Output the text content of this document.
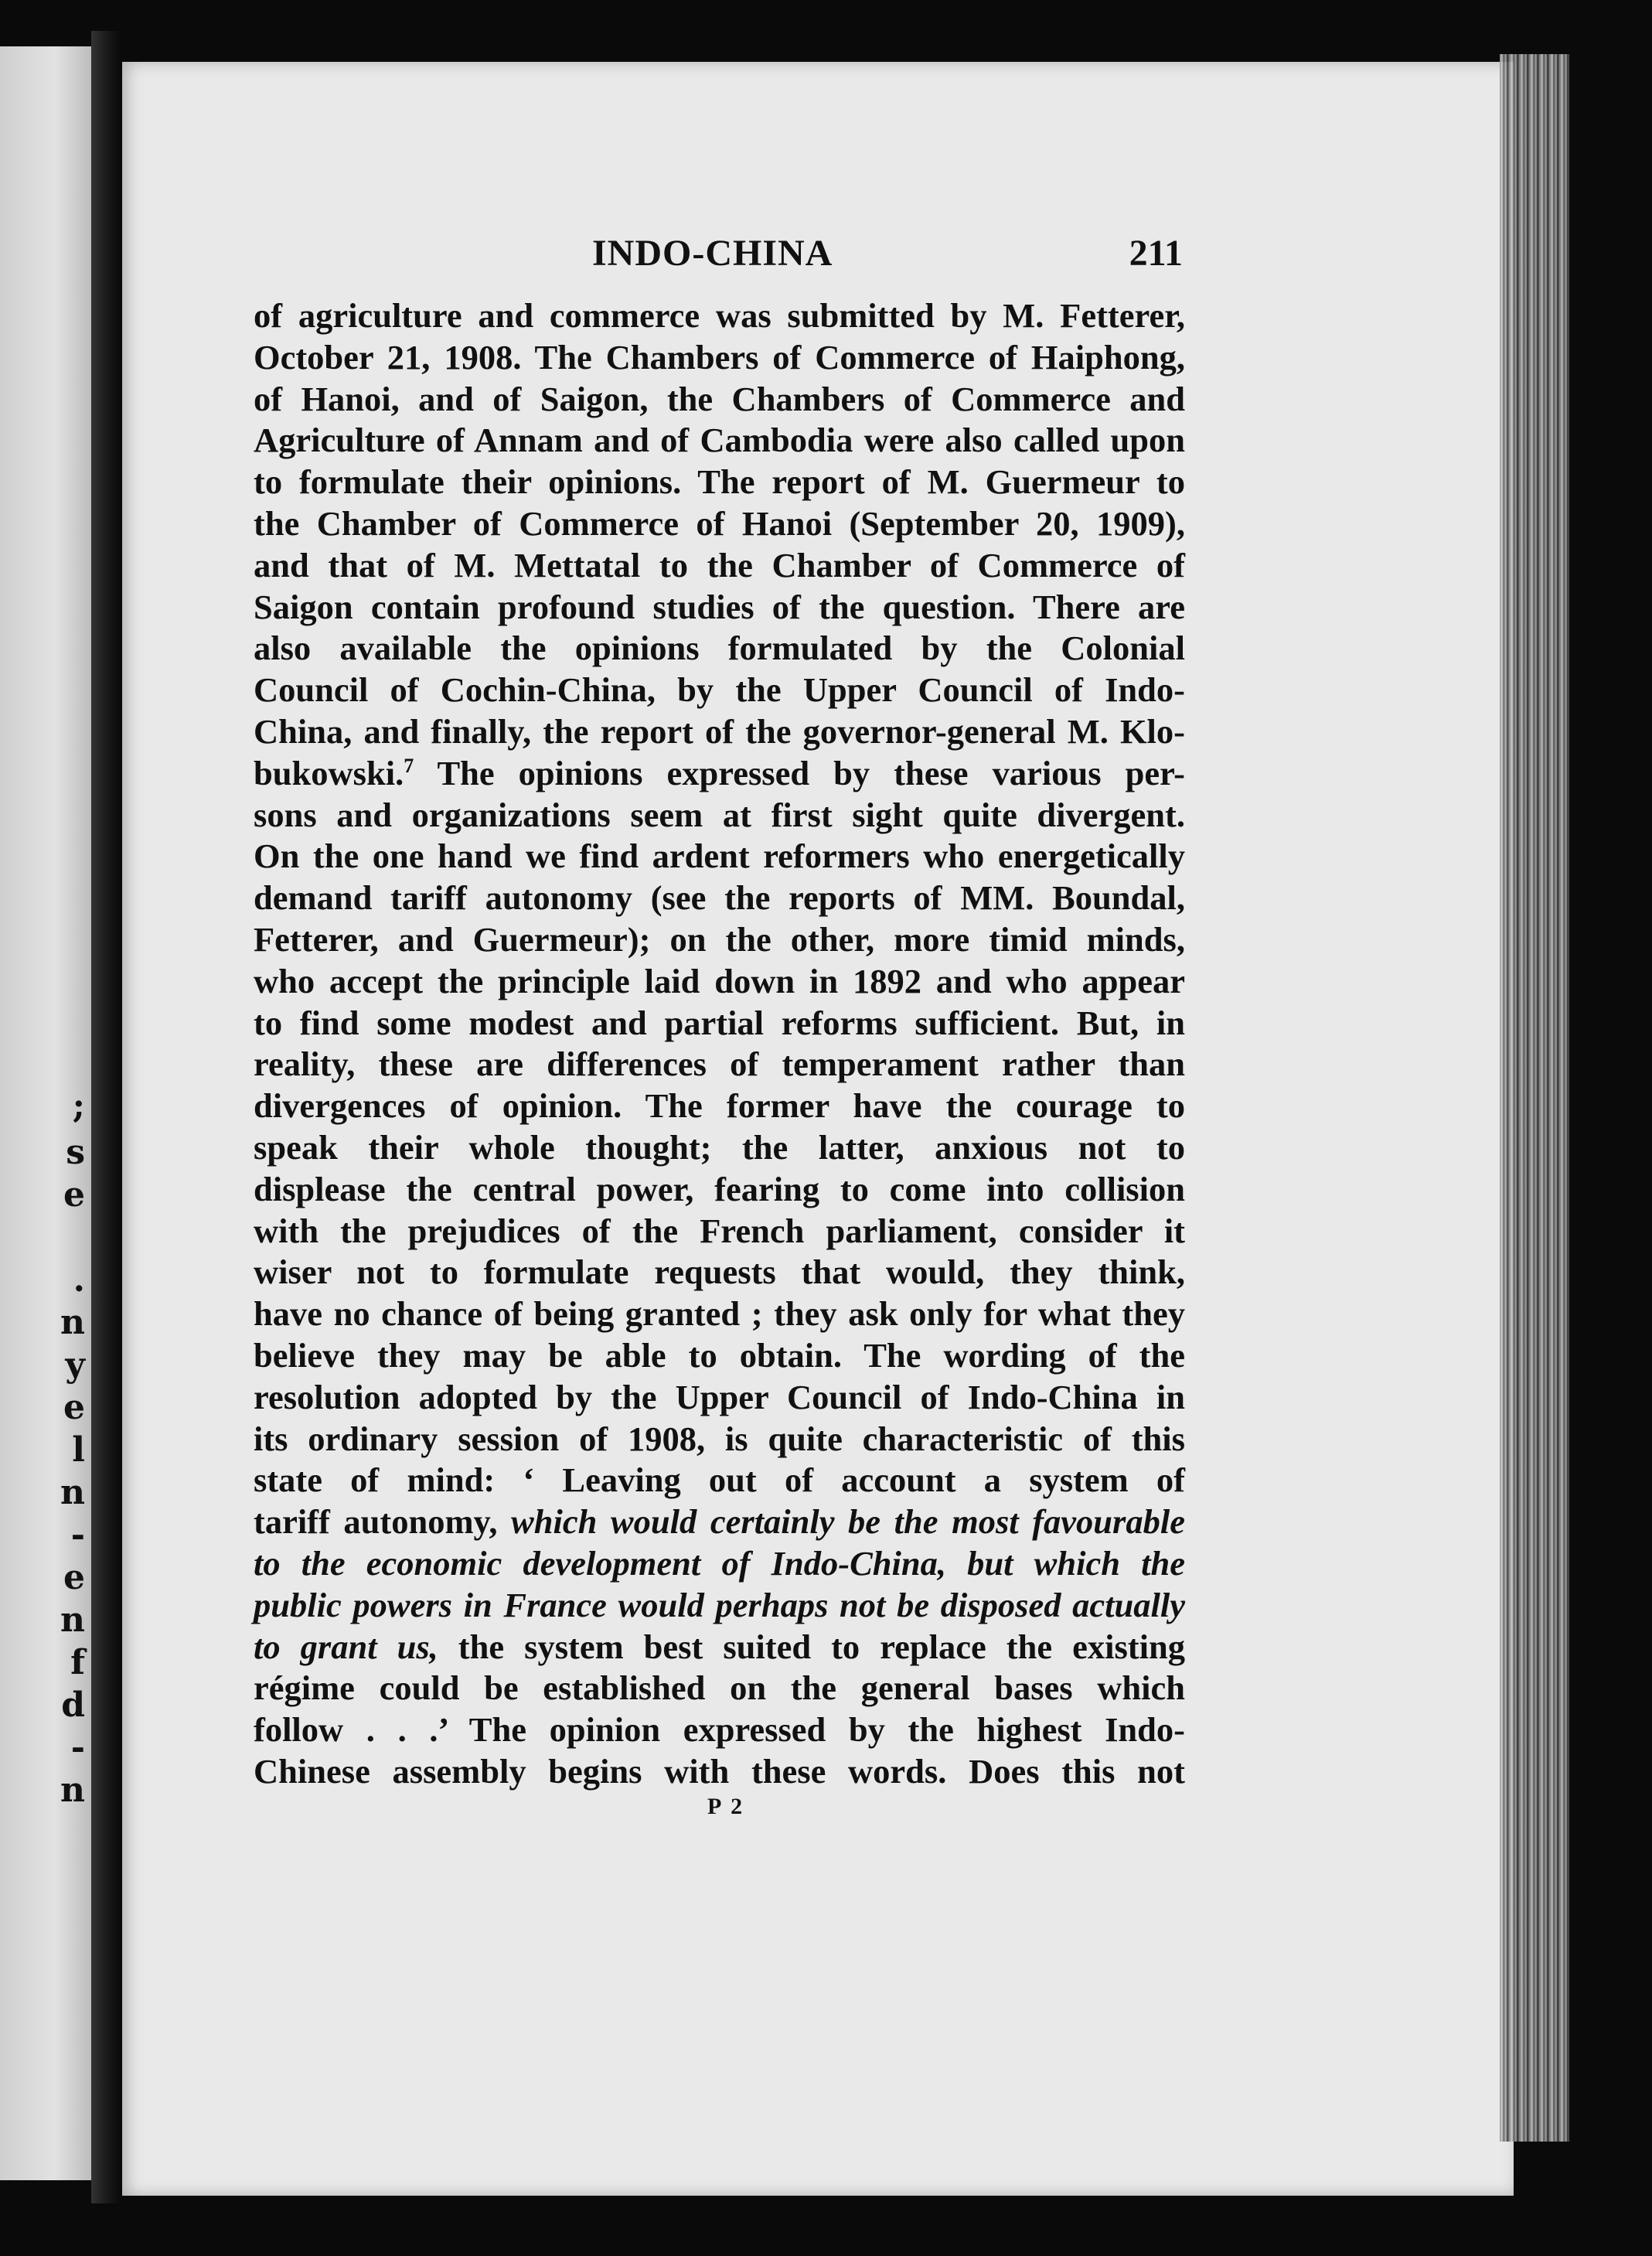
;
s
e
.
n
y
e
l
n
-
e
n
f
d
-
n
INDO-CHINA	211
of agriculture and commerce was submitted by M. Fetterer,
October 21, 1908. The Chambers of Commerce of Haiphong,
of Hanoi, and of Saigon, the Chambers of Commerce and
Agriculture of Annam and of Cambodia were also called upon
to formulate their opinions. The report of M. Guermeur to
the Chamber of Commerce of Hanoi (September 20, 1909),
and that of M. Mettatal to the Chamber of Commerce of
Saigon contain profound studies of the question. There are
also available the opinions formulated by the Colonial
Council of Cochin-China, by the Upper Council of Indo-
China, and finally, the report of the governor-general M. Klo-
bukowski.$^7$ The opinions expressed by these various per-
sons and organizations seem at first sight quite divergent.
On the one hand we find ardent reformers who energetically
demand tariff autonomy (see the reports of MM. Boundal,
Fetterer, and Guermeur); on the other, more timid minds,
who accept the principle laid down in 1892 and who appear
to find some modest and partial reforms sufficient. But, in
reality, these are differences of temperament rather than
divergences of opinion. The former have the courage to
speak their whole thought; the latter, anxious not to
displease the central power, fearing to come into collision
with the prejudices of the French parliament, consider it
wiser not to formulate requests that would, they think,
have no chance of being granted ; they ask only for what they
believe they may be able to obtain. The wording of the
resolution adopted by the Upper Council of Indo-China in
its ordinary session of 1908, is quite characteristic of this
state of mind: ‘ Leaving out of account a system of
tariff autonomy, which would certainly be the most favourable
to the economic development of Indo-China, but which the
public powers in France would perhaps not be disposed actually
to grant us, the system best suited to replace the existing
régime could be established on the general bases which
follow . . .’ The opinion expressed by the highest Indo-
Chinese assembly begins with these words. Does this not
P 2
